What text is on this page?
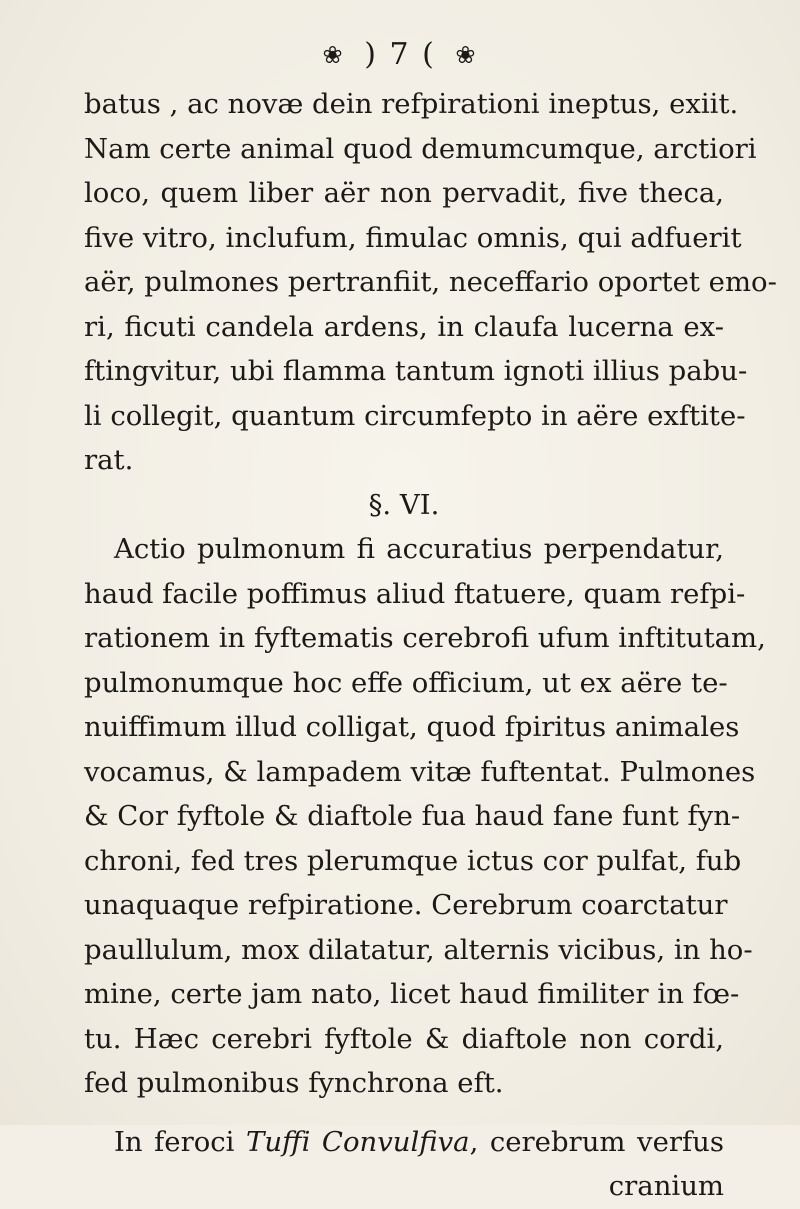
❀ ) 7 ( ❀
batus , ac novæ dein refpirationi ineptus, exiit.
Nam certe animal quod demumcumque, arctiori
loco, quem liber aër non pervadit, five theca,
five vitro, inclufum, fimulac omnis, qui adfuerit
aër, pulmones pertranfiit, neceffario oportet emo-
ri, ficuti candela ardens, in claufa lucerna ex-
ftingvitur, ubi flamma tantum ignoti illius pabu-
li collegit, quantum circumfepto in aëre exftite-
rat.
§. VI.
Actio pulmonum fi accuratius perpendatur,
haud facile poffimus aliud ftatuere, quam refpi-
rationem in fyftematis cerebrofi ufum inftitutam,
pulmonumque hoc effe officium, ut ex aëre te-
nuiffimum illud colligat, quod fpiritus animales
vocamus, & lampadem vitæ fuftentat. Pulmones
& Cor fyftole & diaftole fua haud fane funt fyn-
chroni, fed tres plerumque ictus cor pulfat, fub
unaquaque refpiratione. Cerebrum coarctatur
paullulum, mox dilatatur, alternis vicibus, in ho-
mine, certe jam nato, licet haud fimiliter in fœ-
tu. Hæc cerebri fyftole & diaftole non cordi,
fed pulmonibus fynchrona eft.
In feroci Tuffi Convulfiva, cerebrum verfus
cranium
